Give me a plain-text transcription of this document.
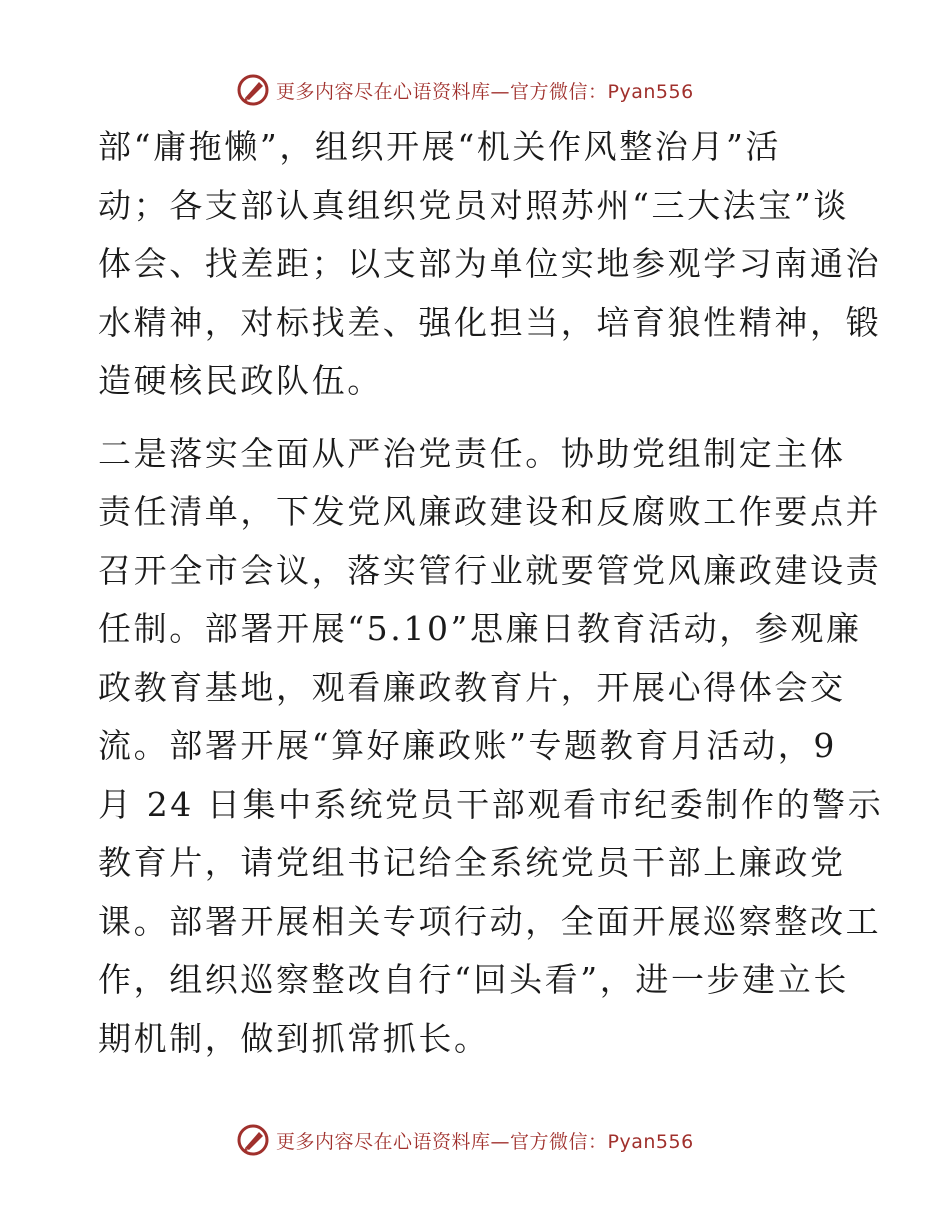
更多内容尽在心语资料库—官方微信：Pyan556
部“庸拖懒”，组织开展“机关作风整治月”活
动；各支部认真组织党员对照苏州“三大法宝”谈
体会、找差距；以支部为单位实地参观学习南通治
水精神，对标找差、强化担当，培育狼性精神，锻
造硬核民政队伍。
二是落实全面从严治党责任。协助党组制定主体
责任清单，下发党风廉政建设和反腐败工作要点并
召开全市会议，落实管行业就要管党风廉政建设责
任制。部署开展“5.10”思廉日教育活动，参观廉
政教育基地，观看廉政教育片，开展心得体会交
流。部署开展“算好廉政账”专题教育月活动，9
月 24 日集中系统党员干部观看市纪委制作的警示
教育片，请党组书记给全系统党员干部上廉政党
课。部署开展相关专项行动，全面开展巡察整改工
作，组织巡察整改自行“回头看”，进一步建立长
期机制，做到抓常抓长。
更多内容尽在心语资料库—官方微信：Pyan556
